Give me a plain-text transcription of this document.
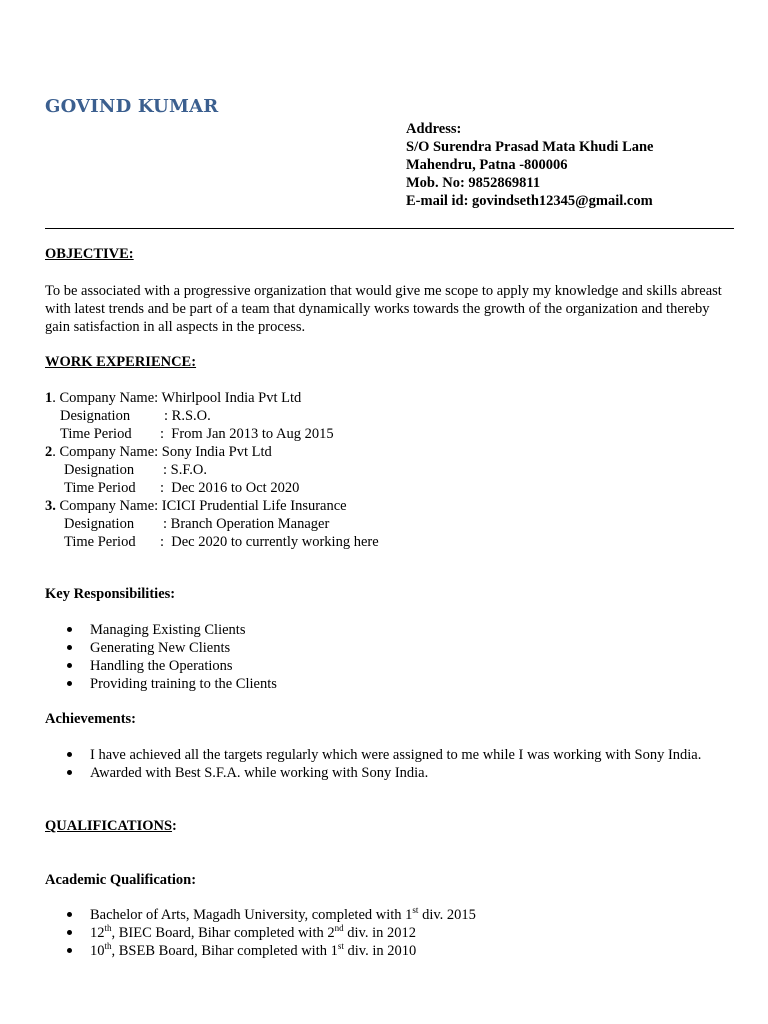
GOVIND KUMAR
Address:
S/O Surendra Prasad Mata Khudi Lane
Mahendru, Patna -800006
Mob. No: 9852869811
E-mail id: govindseth12345@gmail.com
OBJECTIVE:
To be associated with a progressive organization that would give me scope to apply my knowledge and skills abreast with latest trends and be part of a team that dynamically works towards the growth of the organization and thereby gain satisfaction in all aspects in the process.
WORK EXPERIENCE:
1 . Company Name: Whirlpool India Pvt Ltd
Designation	: R.S.O.
Time Period	:  From Jan 2013 to Aug 2015
2 . Company Name: Sony India Pvt Ltd
Designation	: S.F.O.
Time Period	:  Dec 2016 to Oct 2020
3. Company Name: ICICI Prudential Life Insurance
Designation	: Branch Operation Manager
Time Period	:  Dec 2020 to currently working here
Key Responsibilities:
Managing Existing Clients
Generating New Clients
Handling the Operations
Providing training to the Clients
Achievements:
I have achieved all the targets regularly which were assigned to me while I was working with Sony India.
Awarded with Best S.F.A. while working with Sony India.
QUALIFICATIONS:
Academic Qualification:
Bachelor of Arts, Magadh University, completed with 1st div. 2015
12th, BIEC Board, Bihar completed with 2nd div. in 2012
10th, BSEB Board, Bihar completed with 1st div. in 2010
